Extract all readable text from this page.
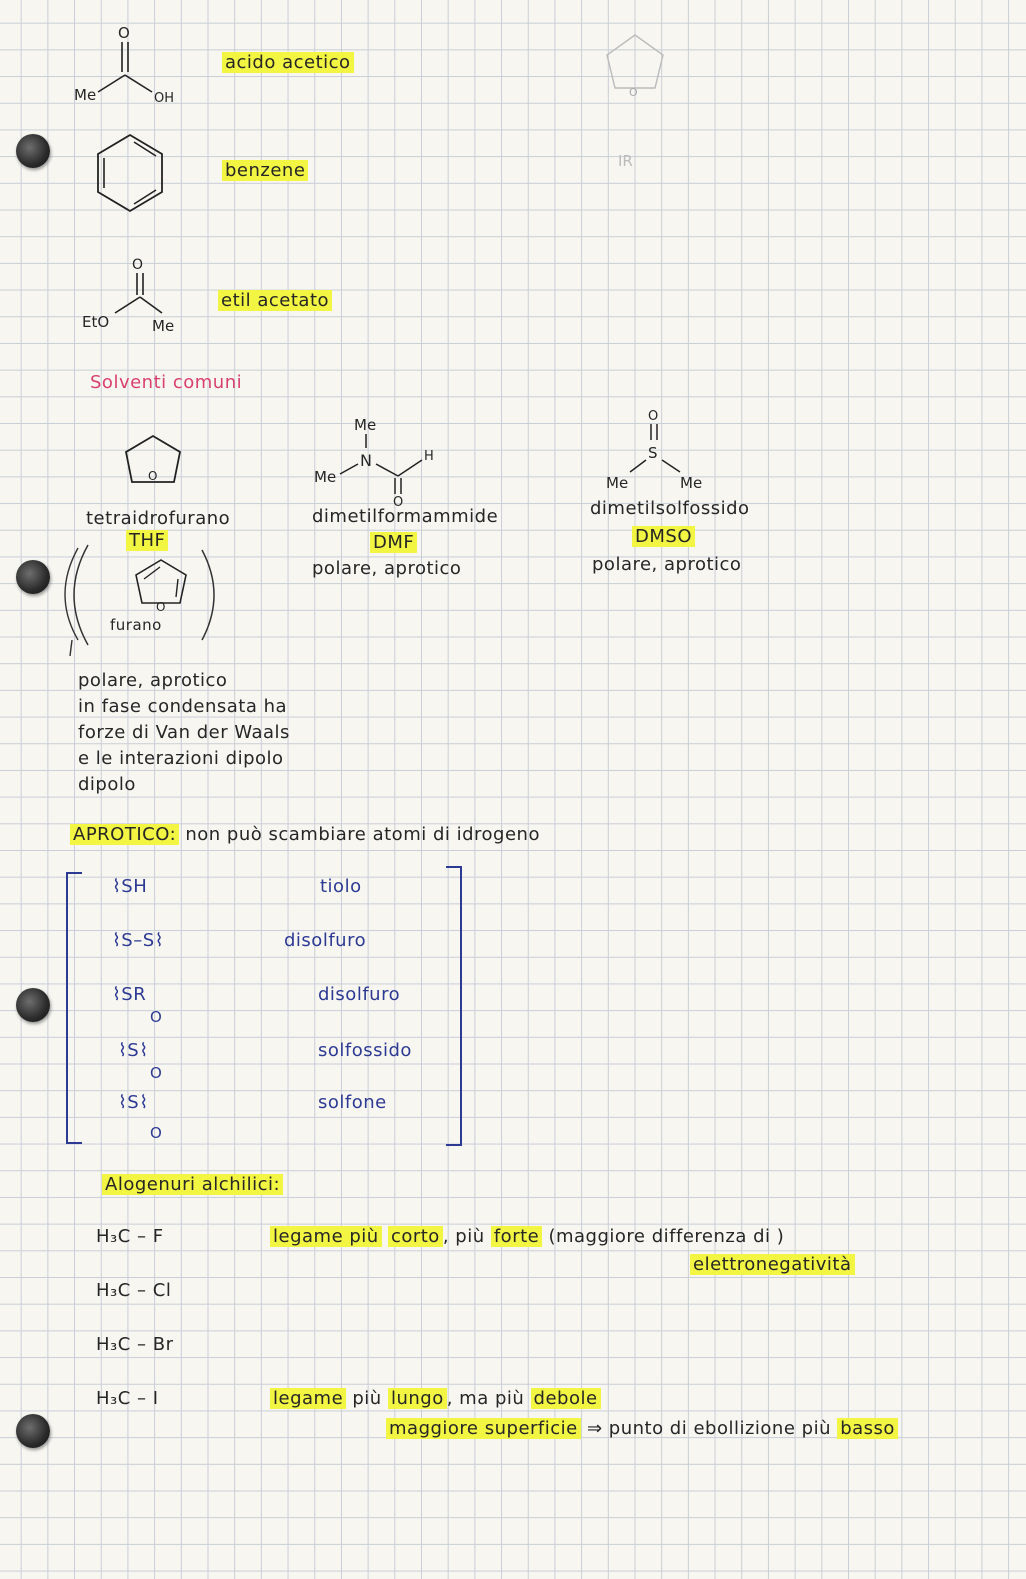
O
Me	OH
acido acetico
O
IR
benzene
O
EtO	Me
etil acetato
Solventi comuni
O
tetraidrofurano
THF
O
furano
polare, aprotico
in fase condensata ha
forze di Van der Waals
e le interazioni dipolo
dipolo
Me
N
Me
H
O
dimetilformammide
DMF
polare, aprotico
O
S
Me	Me
dimetilsolfossido
DMSO
polare, aprotico
APROTICO: non può scambiare atomi di idrogeno
⌇SH	tiolo
⌇S–S⌇	disolfuro
⌇SR	disolfuro
O
⌇S⌇	solfossido
O
⌇S⌇	solfone
O
Alogenuri alchilici:
H₃C – F
H₃C – Cl
H₃C – Br
H₃C – I
legame più corto , più forte (maggiore differenza di )
elettronegatività
legame più lungo , ma più debole
maggiore superficie ⇒ punto di ebollizione più basso
